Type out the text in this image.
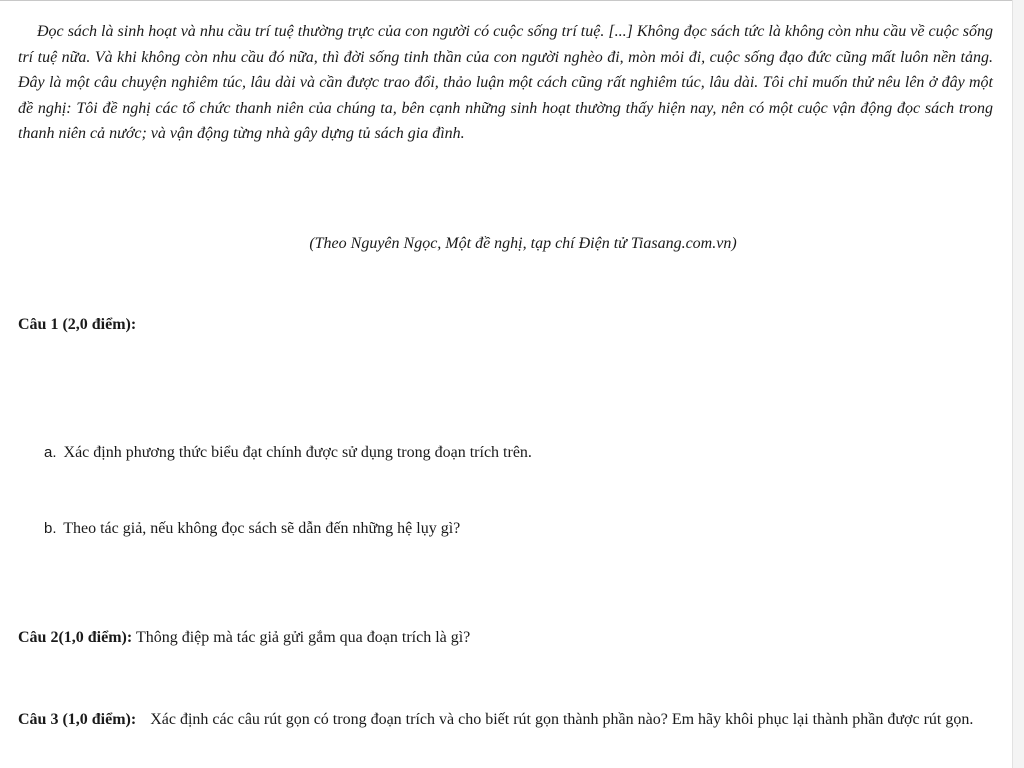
Đọc sách là sinh hoạt và nhu cầu trí tuệ thường trực của con người có cuộc sống trí tuệ. [...] Không đọc sách tức là không còn nhu cầu về cuộc sống trí tuệ nữa. Và khi không còn nhu cầu đó nữa, thì đời sống tinh thần của con người nghèo đi, mòn mỏi đi, cuộc sống đạo đức cũng mất luôn nền tảng. Đây là một câu chuyện nghiêm túc, lâu dài và cần được trao đổi, thảo luận một cách cũng rất nghiêm túc, lâu dài. Tôi chỉ muốn thử nêu lên ở đây một đề nghị: Tôi đề nghị các tổ chức thanh niên của chúng ta, bên cạnh những sinh hoạt thường thấy hiện nay, nên có một cuộc vận động đọc sách trong thanh niên cả nước; và vận động từng nhà gây dựng tủ sách gia đình.

(Theo Nguyên Ngọc, Một đề nghị, tạp chí Điện tử Tiasang.com.vn)
Câu 1 (2,0 điểm):
a. Xác định phương thức biểu đạt chính được sử dụng trong đoạn trích trên.
b. Theo tác giả, nếu không đọc sách sẽ dẫn đến những hệ lụy gì?
Câu 2(1,0 điểm): Thông điệp mà tác giả gửi gắm qua đoạn trích là gì?

Câu 3 (1,0 điểm): Xác định các câu rút gọn có trong đoạn trích và cho biết rút gọn thành phần nào? Em hãy khôi phục lại thành phần được rút gọn.
